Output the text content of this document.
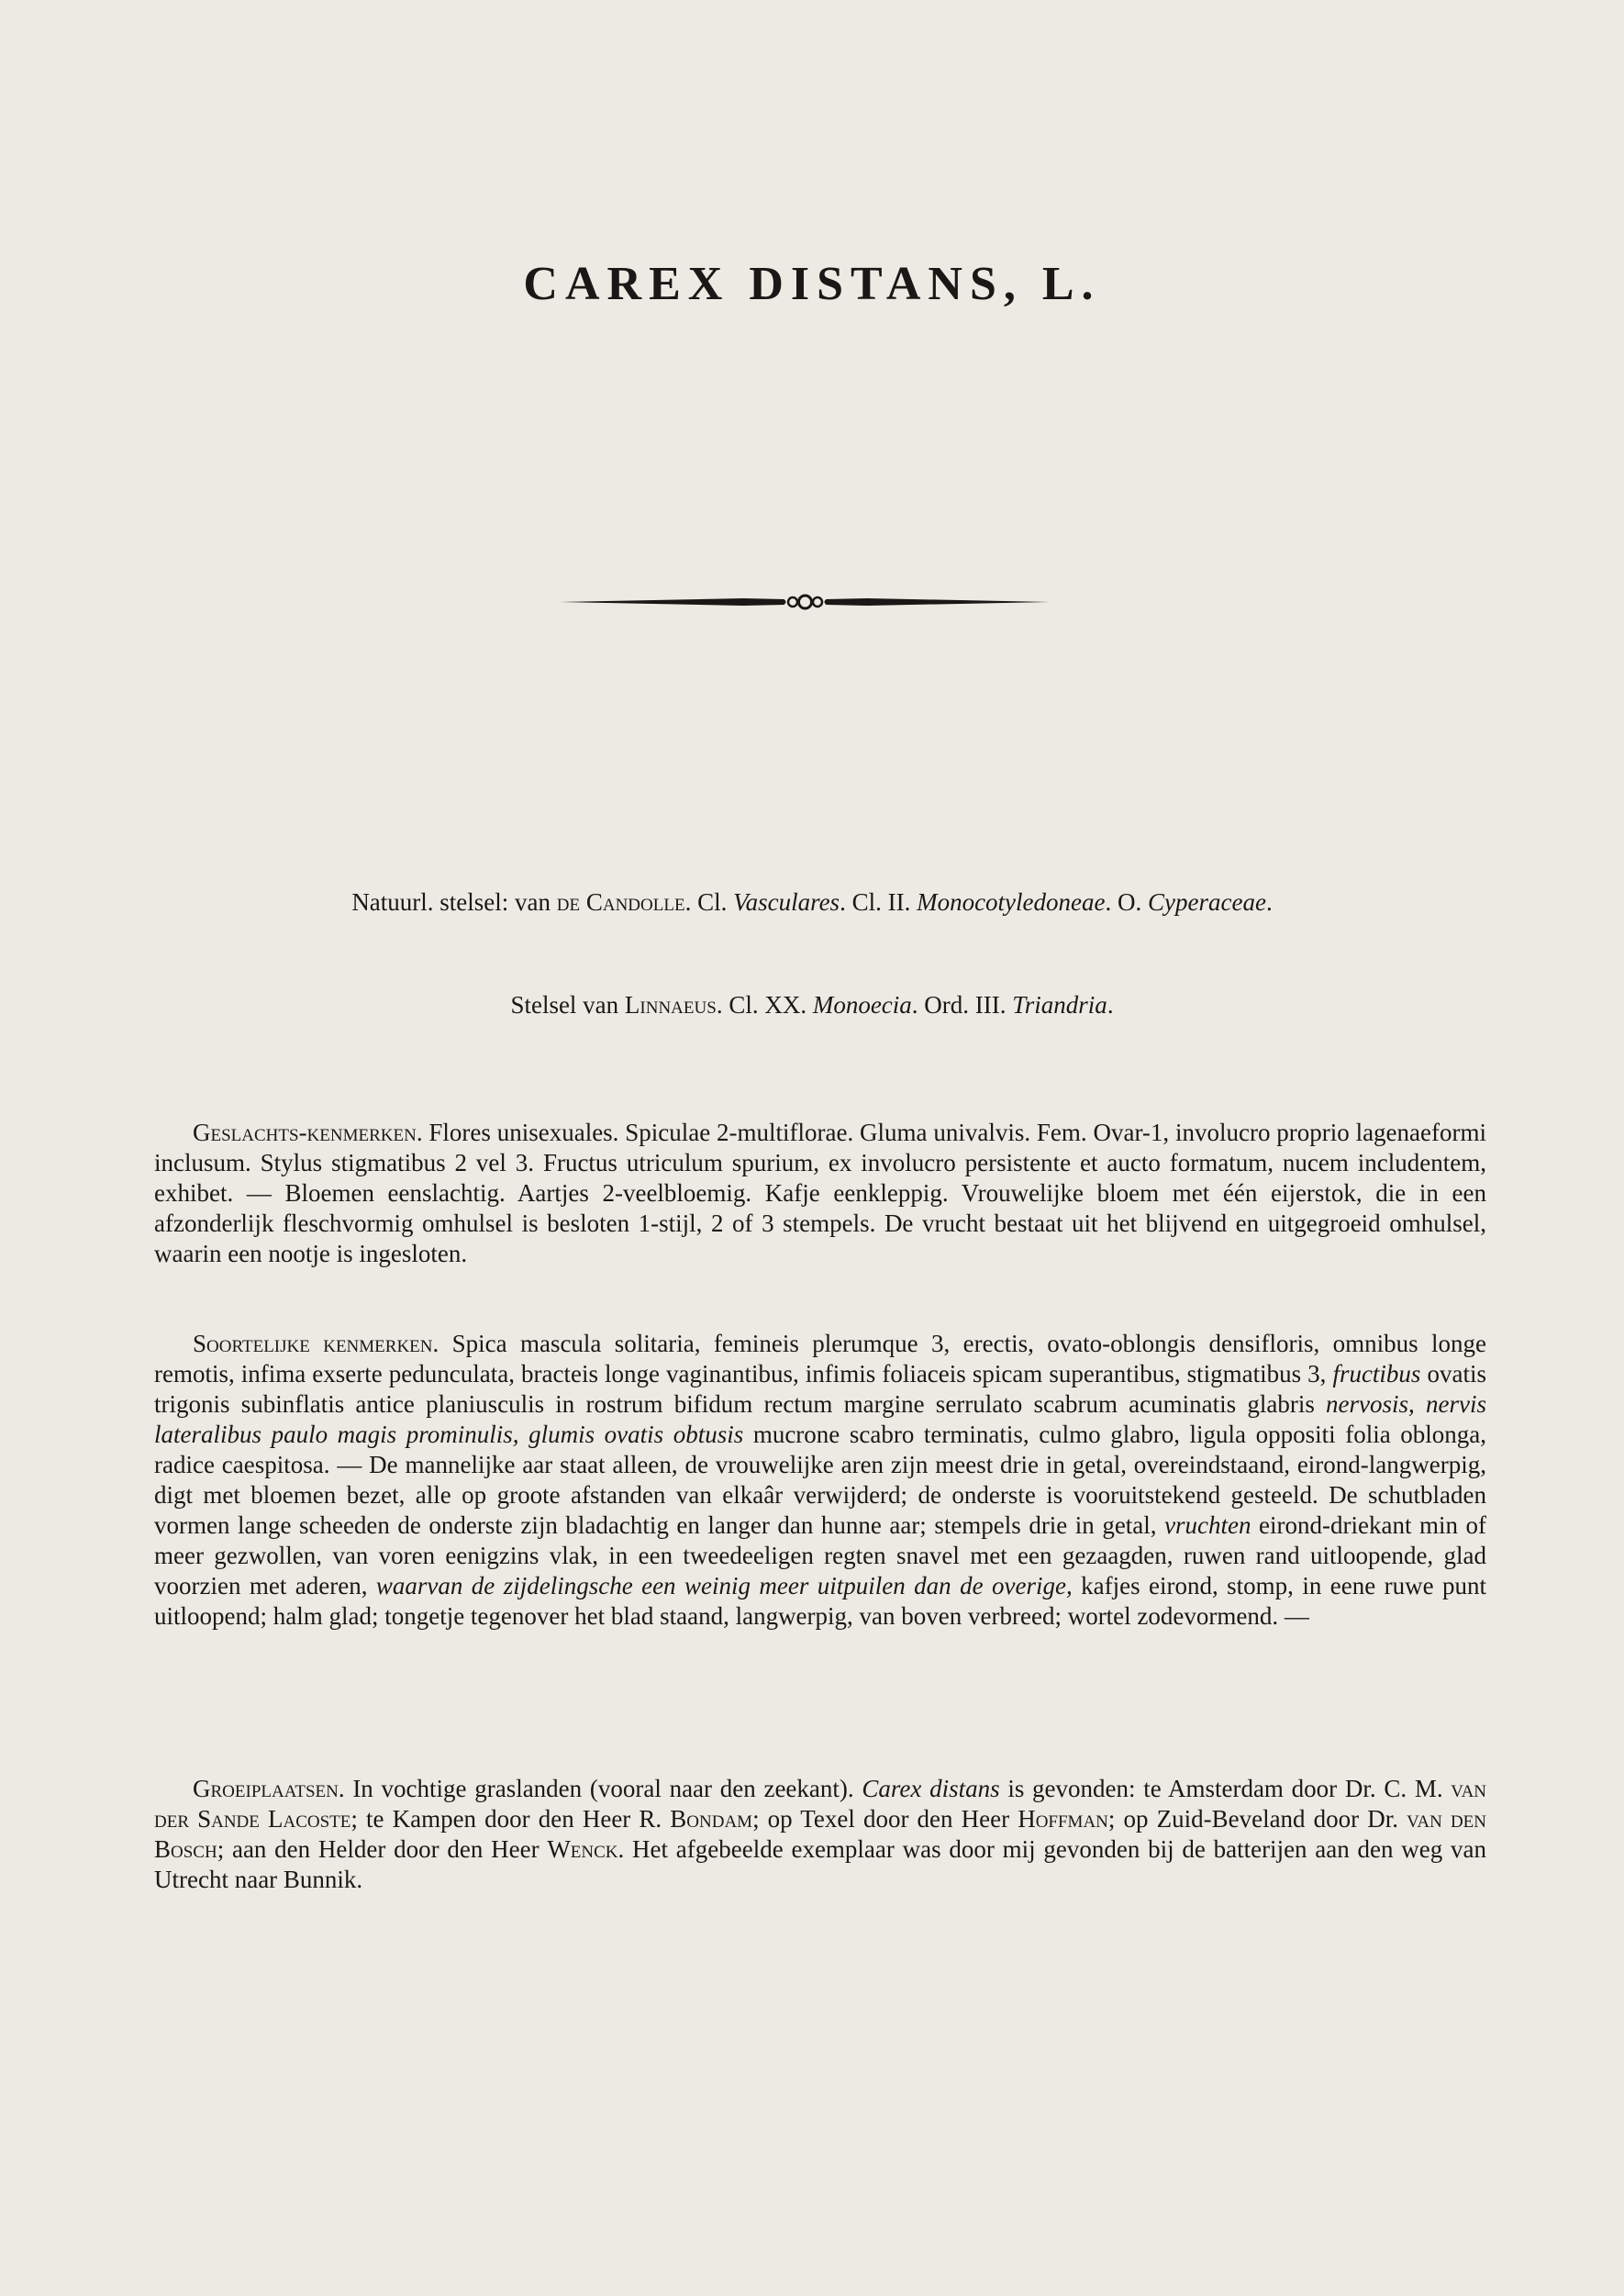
CAREX DISTANS, L.
Natuurl. stelsel: van de Candolle. Cl. Vasculares. Cl. II. Monocotyledoneae. O. Cyperaceae.
Stelsel van Linnaeus. Cl. XX. Monoecia. Ord. III. Triandria.

Geslachts-kenmerken. Flores unisexuales. Spiculae 2-multiflorae. Gluma univalvis. Fem. Ovar-1, involucro proprio lagenaeformi inclusum. Stylus stigmatibus 2 vel 3. Fructus utriculum spurium, ex involucro persistente et aucto formatum, nucem includentem, exhibet. — Bloemen eenslachtig. Aartjes 2-veelbloemig. Kafje eenkleppig. Vrouwelijke bloem met één eijerstok, die in een afzonderlijk fleschvormig omhulsel is besloten 1-stijl, 2 of 3 stempels. De vrucht bestaat uit het blijvend en uitgegroeid omhulsel, waarin een nootje is ingesloten.

Soortelijke kenmerken. Spica mascula solitaria, femineis plerumque 3, erectis, ovato-oblongis densifloris, omnibus longe remotis, infima exserte pedunculata, bracteis longe vaginantibus, infimis foliaceis spicam superantibus, stigmatibus 3, fructibus ovatis trigonis subinflatis antice planiusculis in rostrum bifidum rectum margine serrulato scabrum acuminatis glabris nervosis, nervis lateralibus paulo magis prominulis, glumis ovatis obtusis mucrone scabro terminatis, culmo glabro, ligula oppositi folia oblonga, radice caespitosa. — De mannelijke aar staat alleen, de vrouwelijke aren zijn meest drie in getal, overeindstaand, eirond-langwerpig, digt met bloemen bezet, alle op groote afstanden van elkaâr verwijderd; de onderste is vooruitstekend gesteeld. De schutbladen vormen lange scheeden de onderste zijn bladachtig en langer dan hunne aar; stempels drie in getal, vruchten eirond-driekant min of meer gezwollen, van voren eenigzins vlak, in een tweedeeligen regten snavel met een gezaagden, ruwen rand uitloopende, glad voorzien met aderen, waarvan de zijdelingsche een weinig meer uitpuilen dan de overige, kafjes eirond, stomp, in eene ruwe punt uitloopend; halm glad; tongetje tegenover het blad staand, langwerpig, van boven verbreed; wortel zodevormend. —

Groeiplaatsen. In vochtige graslanden (vooral naar den zeekant). Carex distans is gevonden: te Amsterdam door Dr. C. M. van der Sande Lacoste; te Kampen door den Heer R. Bondam; op Texel door den Heer Hoffman; op Zuid-Beveland door Dr. van den Bosch; aan den Helder door den Heer Wenck. Het afgebeelde exemplaar was door mij gevonden bij de batterijen aan den weg van Utrecht naar Bunnik.
